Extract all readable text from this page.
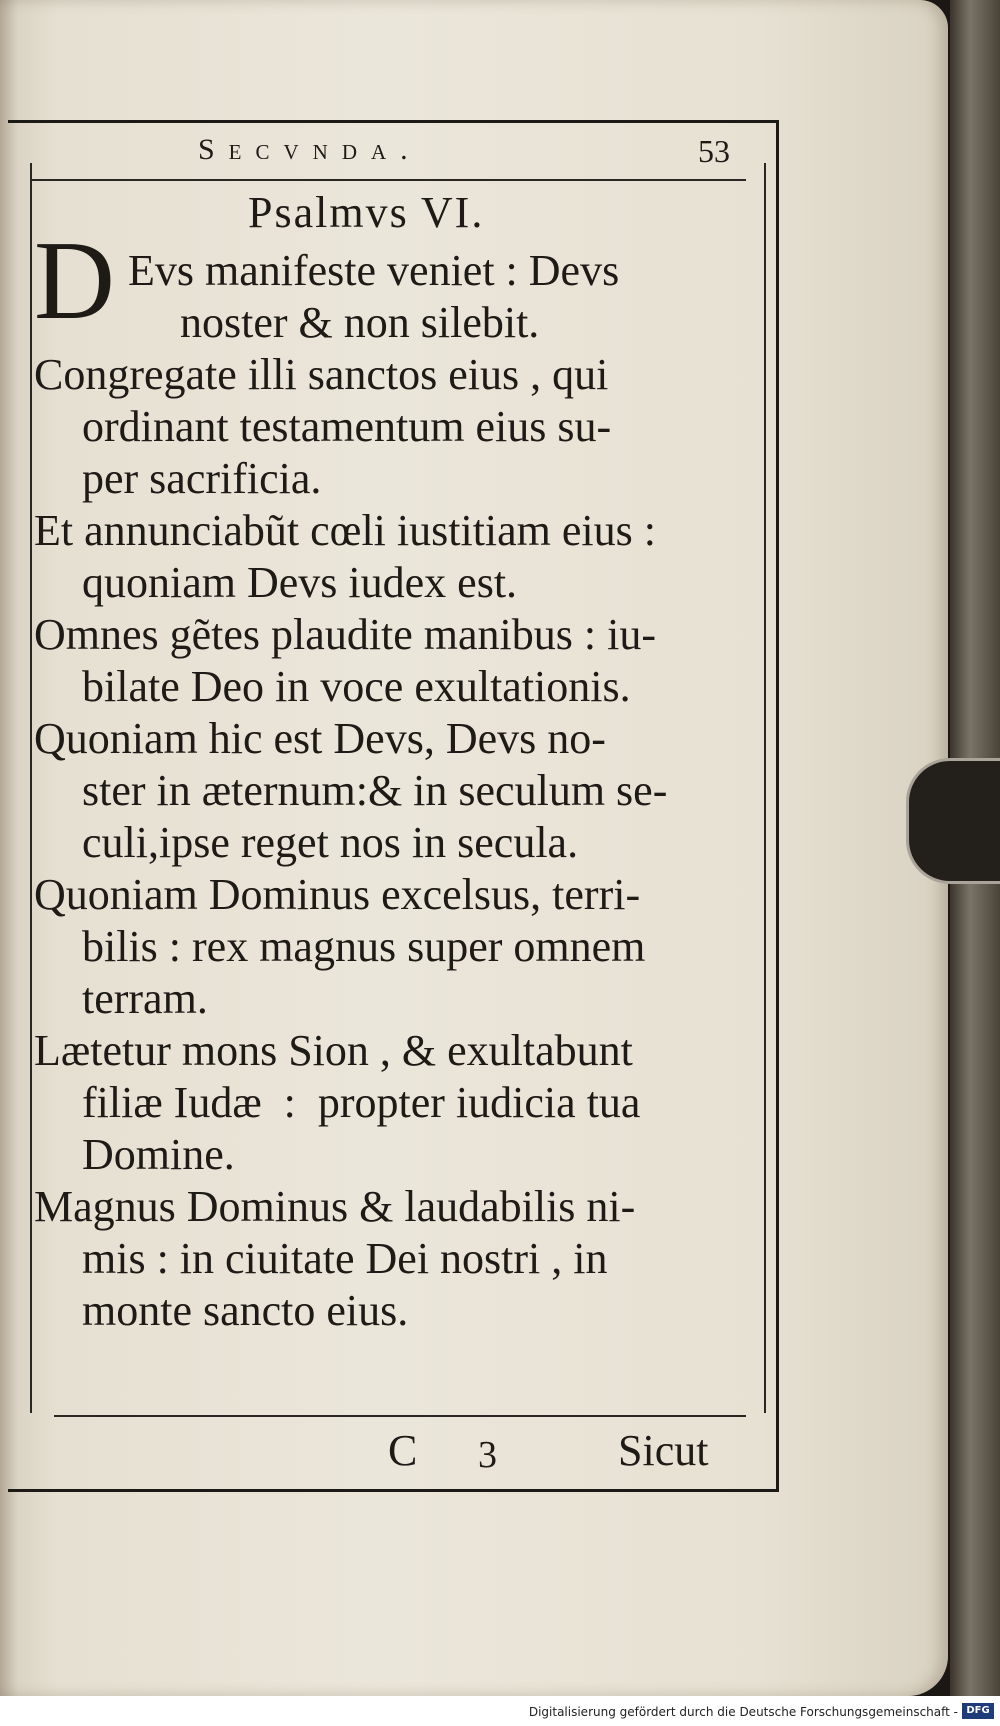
Secvnda.	53
Psalmvs VI.
D Evs manifeste veniet : Devs
noster & non silebit.
Congregate illi sanctos eius , qui
ordinant testamentum eius su-
per sacrificia.
Et annunciabũt cœli iustitiam eius :
quoniam Devs iudex est.
Omnes gẽtes plaudite manibus : iu-
bilate Deo in voce exultationis.
Quoniam hic est Devs, Devs no-
ster in æternum:& in seculum se-
culi,ipse reget nos in secula.
Quoniam Dominus excelsus, terri-
bilis : rex magnus super omnem
terram.
Lætetur mons Sion , & exultabunt
filiæ Iudæ  :  propter iudicia tua
Domine.
Magnus Dominus & laudabilis ni-
mis : in ciuitate Dei nostri , in
monte sancto eius.
C 3	Sicut
Digitalisierung gefördert durch die Deutsche Forschungsgemeinschaft - DFG
